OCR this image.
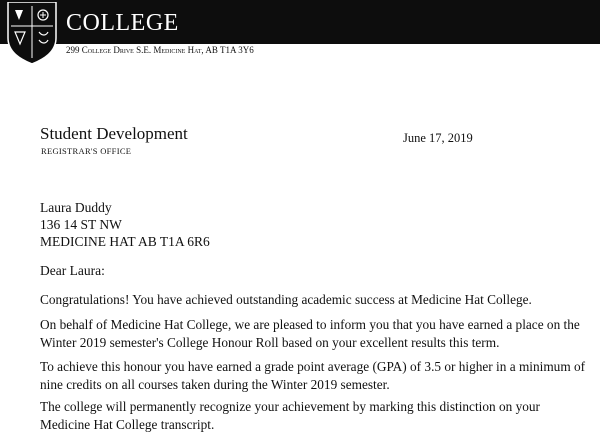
COLLEGE
299 College Drive S.E. Medicine Hat, AB T1A 3Y6
Student Development
REGISTRAR'S OFFICE
June 17, 2019
Laura Duddy
136 14 ST NW
MEDICINE HAT AB T1A 6R6
Dear Laura:

Congratulations! You have achieved outstanding academic success at Medicine Hat College.

On behalf of Medicine Hat College, we are pleased to inform you that you have earned a place on the Winter 2019 semester's College Honour Roll based on your excellent results this term.

To achieve this honour you have earned a grade point average (GPA) of 3.5 or higher in a minimum of nine credits on all courses taken during the Winter 2019 semester.

The college will permanently recognize your achievement by marking this distinction on your Medicine Hat College transcript.
